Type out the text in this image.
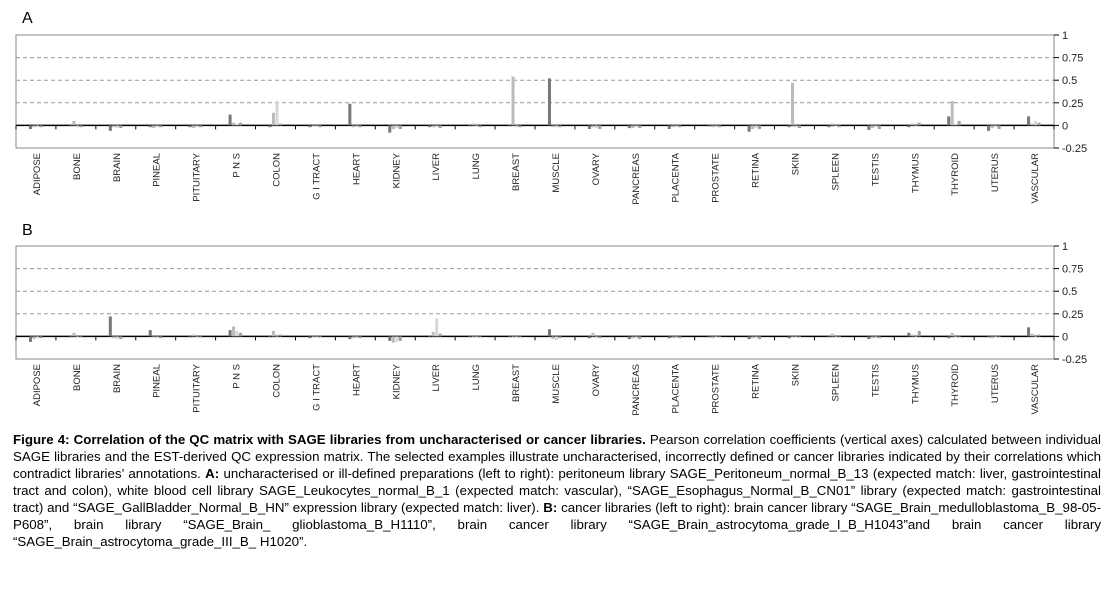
A
B
1
0.75
0.5
0.25
0
-0.25
ADIPOSE	BONE	BRAIN	PINEAL	PITUITARY	P N S	COLON	G I TRACT	HEART	KIDNEY	LIVER	LUNG	BREAST	MUSCLE	OVARY	PANCREAS	PLACENTA	PROSTATE	RETINA	SKIN	SPLEEN	TESTIS	THYMUS	THYROID	UTERUS	VASCULAR
1
0.75
0.5
0.25
0
-0.25
ADIPOSE	BONE	BRAIN	PINEAL	PITUITARY	P N S	COLON	G I TRACT	HEART	KIDNEY	LIVER	LUNG	BREAST	MUSCLE	OVARY	PANCREAS	PLACENTA	PROSTATE	RETINA	SKIN	SPLEEN	TESTIS	THYMUS	THYROID	UTERUS	VASCULAR
Figure 4: Correlation of the QC matrix with SAGE libraries from uncharacterised or cancer libraries. Pearson correlation coefficients (vertical axes) calculated between individual SAGE libraries and the EST-derived QC expression matrix. The selected examples illustrate uncharacterised, incorrectly defined or cancer libraries indicated by their correlations which contradict libraries’ annotations. A: uncharacterised or ill-defined preparations (left to right): peritoneum library SAGE_Peritoneum_normal_B_13 (expected match: liver, gastrointestinal tract and colon), white blood cell library SAGE_Leukocytes_normal_B_1 (expected match: vascular), “SAGE_Esophagus_Normal_B_CN01” library (expected match: gastrointestinal tract) and “SAGE_GallBladder_Normal_B_HN” expression library (expected match: liver). B: cancer libraries (left to right): brain cancer library “SAGE_Brain_medulloblastoma_B_98-05-P608”, brain library “SAGE_Brain_ glioblastoma_B_H1110”, brain cancer library “SAGE_Brain_astrocytoma_grade_I_B_H1043”and brain cancer library “SAGE_Brain_astrocytoma_grade_III_B_ H1020”.
